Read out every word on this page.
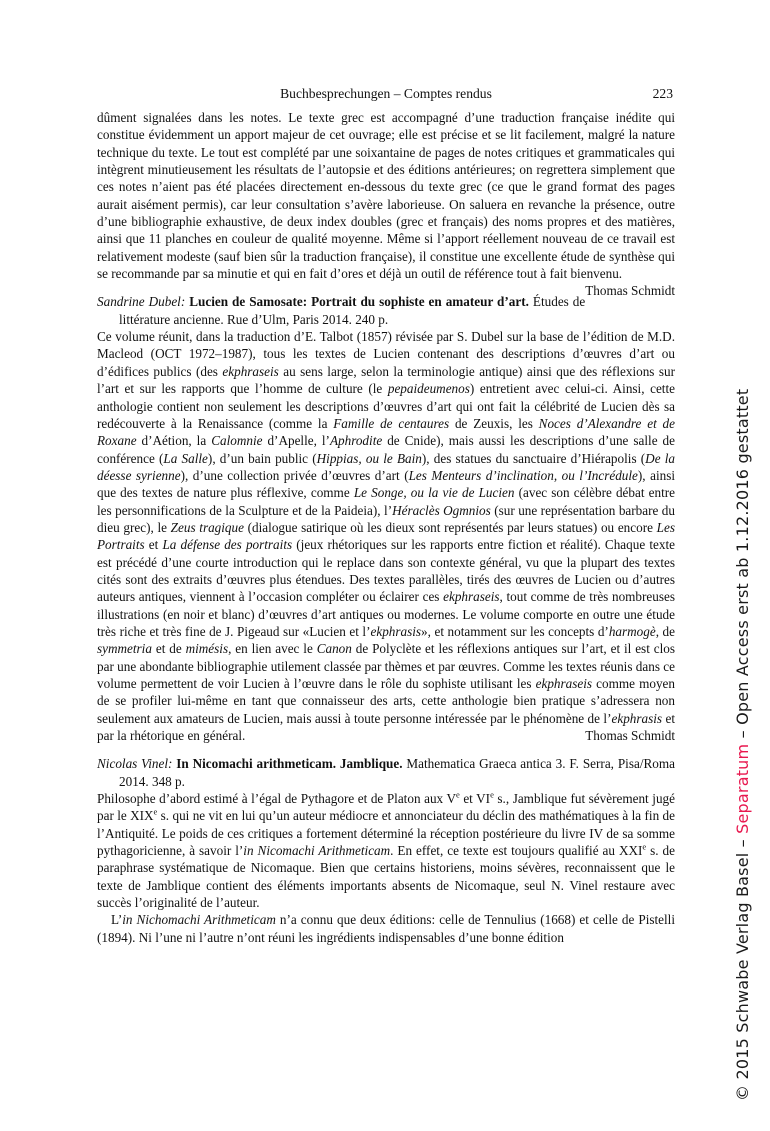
Buchbesprechungen – Comptes rendus	223
dûment signalées dans les notes. Le texte grec est accompagné d’une traduction française inédite qui constitue évidemment un apport majeur de cet ouvrage; elle est précise et se lit facilement, malgré la nature technique du texte. Le tout est complété par une soixantaine de pages de notes critiques et grammaticales qui intègrent minutieusement les résultats de l’autopsie et des éditions antérieures; on regrettera simplement que ces notes n’aient pas été placées directement en-dessous du texte grec (ce que le grand format des pages aurait aisément permis), car leur consultation s’avère laborieuse. On saluera en revanche la présence, outre d’une bibliographie exhaustive, de deux index doubles (grec et français) des noms propres et des matières, ainsi que 11 planches en couleur de qualité moyenne. Même si l’apport réellement nouveau de ce travail est relativement modeste (sauf bien sûr la traduction française), il constitue une excellente étude de synthèse qui se recommande par sa minutie et qui en fait d’ores et déjà un outil de référence tout à fait bienvenu.
Thomas Schmidt
Sandrine Dubel: Lucien de Samosate: Portrait du sophiste en amateur d’art. Études de littérature ancienne. Rue d’Ulm, Paris 2014. 240 p.
Ce volume réunit, dans la traduction d’E. Talbot (1857) révisée par S. Dubel sur la base de l’édition de M.D. Macleod (OCT 1972–1987), tous les textes de Lucien contenant des descriptions d’œuvres d’art ou d’édifices publics (des ekphraseis au sens large, selon la terminologie antique) ainsi que des réflexions sur l’art et sur les rapports que l’homme de culture (le pepaideumenos) entretient avec celui-ci. Ainsi, cette anthologie contient non seulement les descriptions d’œuvres d’art qui ont fait la célébrité de Lucien dès sa redécouverte à la Renaissance (comme la Famille de centaures de Zeuxis, les Noces d’Alexandre et de Roxane d’Aétion, la Calomnie d’Apelle, l’Aphrodite de Cnide), mais aussi les descriptions d’une salle de conférence (La Salle), d’un bain public (Hippias, ou le Bain), des statues du sanctuaire d’Hiérapolis (De la déesse syrienne), d’une collection privée d’œuvres d’art (Les Menteurs d’inclination, ou l’Incrédule), ainsi que des textes de nature plus réflexive, comme Le Songe, ou la vie de Lucien (avec son célèbre débat entre les personnifications de la Sculpture et de la Paideia), l’Héraclès Ogmnios (sur une représentation barbare du dieu grec), le Zeus tragique (dialogue satirique où les dieux sont représentés par leurs statues) ou encore Les Portraits et La défense des portraits (jeux rhétoriques sur les rapports entre fiction et réalité). Chaque texte est précédé d’une courte introduction qui le replace dans son contexte général, vu que la plupart des textes cités sont des extraits d’œuvres plus étendues. Des textes parallèles, tirés des œuvres de Lucien ou d’autres auteurs antiques, viennent à l’occasion compléter ou éclairer ces ekphraseis, tout comme de très nombreuses illustrations (en noir et blanc) d’œuvres d’art antiques ou modernes. Le volume comporte en outre une étude très riche et très fine de J. Pigeaud sur «Lucien et l’ekphrasis», et notamment sur les concepts d’harmogè, de symmetria et de mimésis, en lien avec le Canon de Polyclète et les réflexions antiques sur l’art, et il est clos par une abondante bibliographie utilement classée par thèmes et par œuvres. Comme les textes réunis dans ce volume permettent de voir Lucien à l’œuvre dans le rôle du sophiste utilisant les ekphraseis comme moyen de se profiler lui-même en tant que connaisseur des arts, cette anthologie bien pratique s’adressera non seulement aux amateurs de Lucien, mais aussi à toute personne intéressée par le phénomène de l’ekphrasis et par la rhétorique en général.	Thomas Schmidt
Nicolas Vinel: In Nicomachi arithmeticam. Jamblique. Mathematica Graeca antica 3. F. Serra, Pisa/Roma 2014. 348 p.
Philosophe d’abord estimé à l’égal de Pythagore et de Platon aux Ve et VIe s., Jamblique fut sévèrement jugé par le XIXe s. qui ne vit en lui qu’un auteur médiocre et annonciateur du déclin des mathématiques à la fin de l’Antiquité. Le poids de ces critiques a fortement déterminé la réception postérieure du livre IV de sa somme pythagoricienne, à savoir l’in Nicomachi Arithmeticam. En effet, ce texte est toujours qualifié au XXIe s. de paraphrase systématique de Nicomaque. Bien que certains historiens, moins sévères, reconnaissent que le texte de Jamblique contient des éléments importants absents de Nicomaque, seul N. Vinel restaure avec succès l’originalité de l’auteur.
L’in Nichomachi Arithmeticam n’a connu que deux éditions: celle de Tennulius (1668) et celle de Pistelli (1894). Ni l’une ni l’autre n’ont réuni les ingrédients indispensables d’une bonne édition	© 2015 Schwabe Verlag Basel – Separatum – Open Access erst ab 1.12.2016 gestattet
